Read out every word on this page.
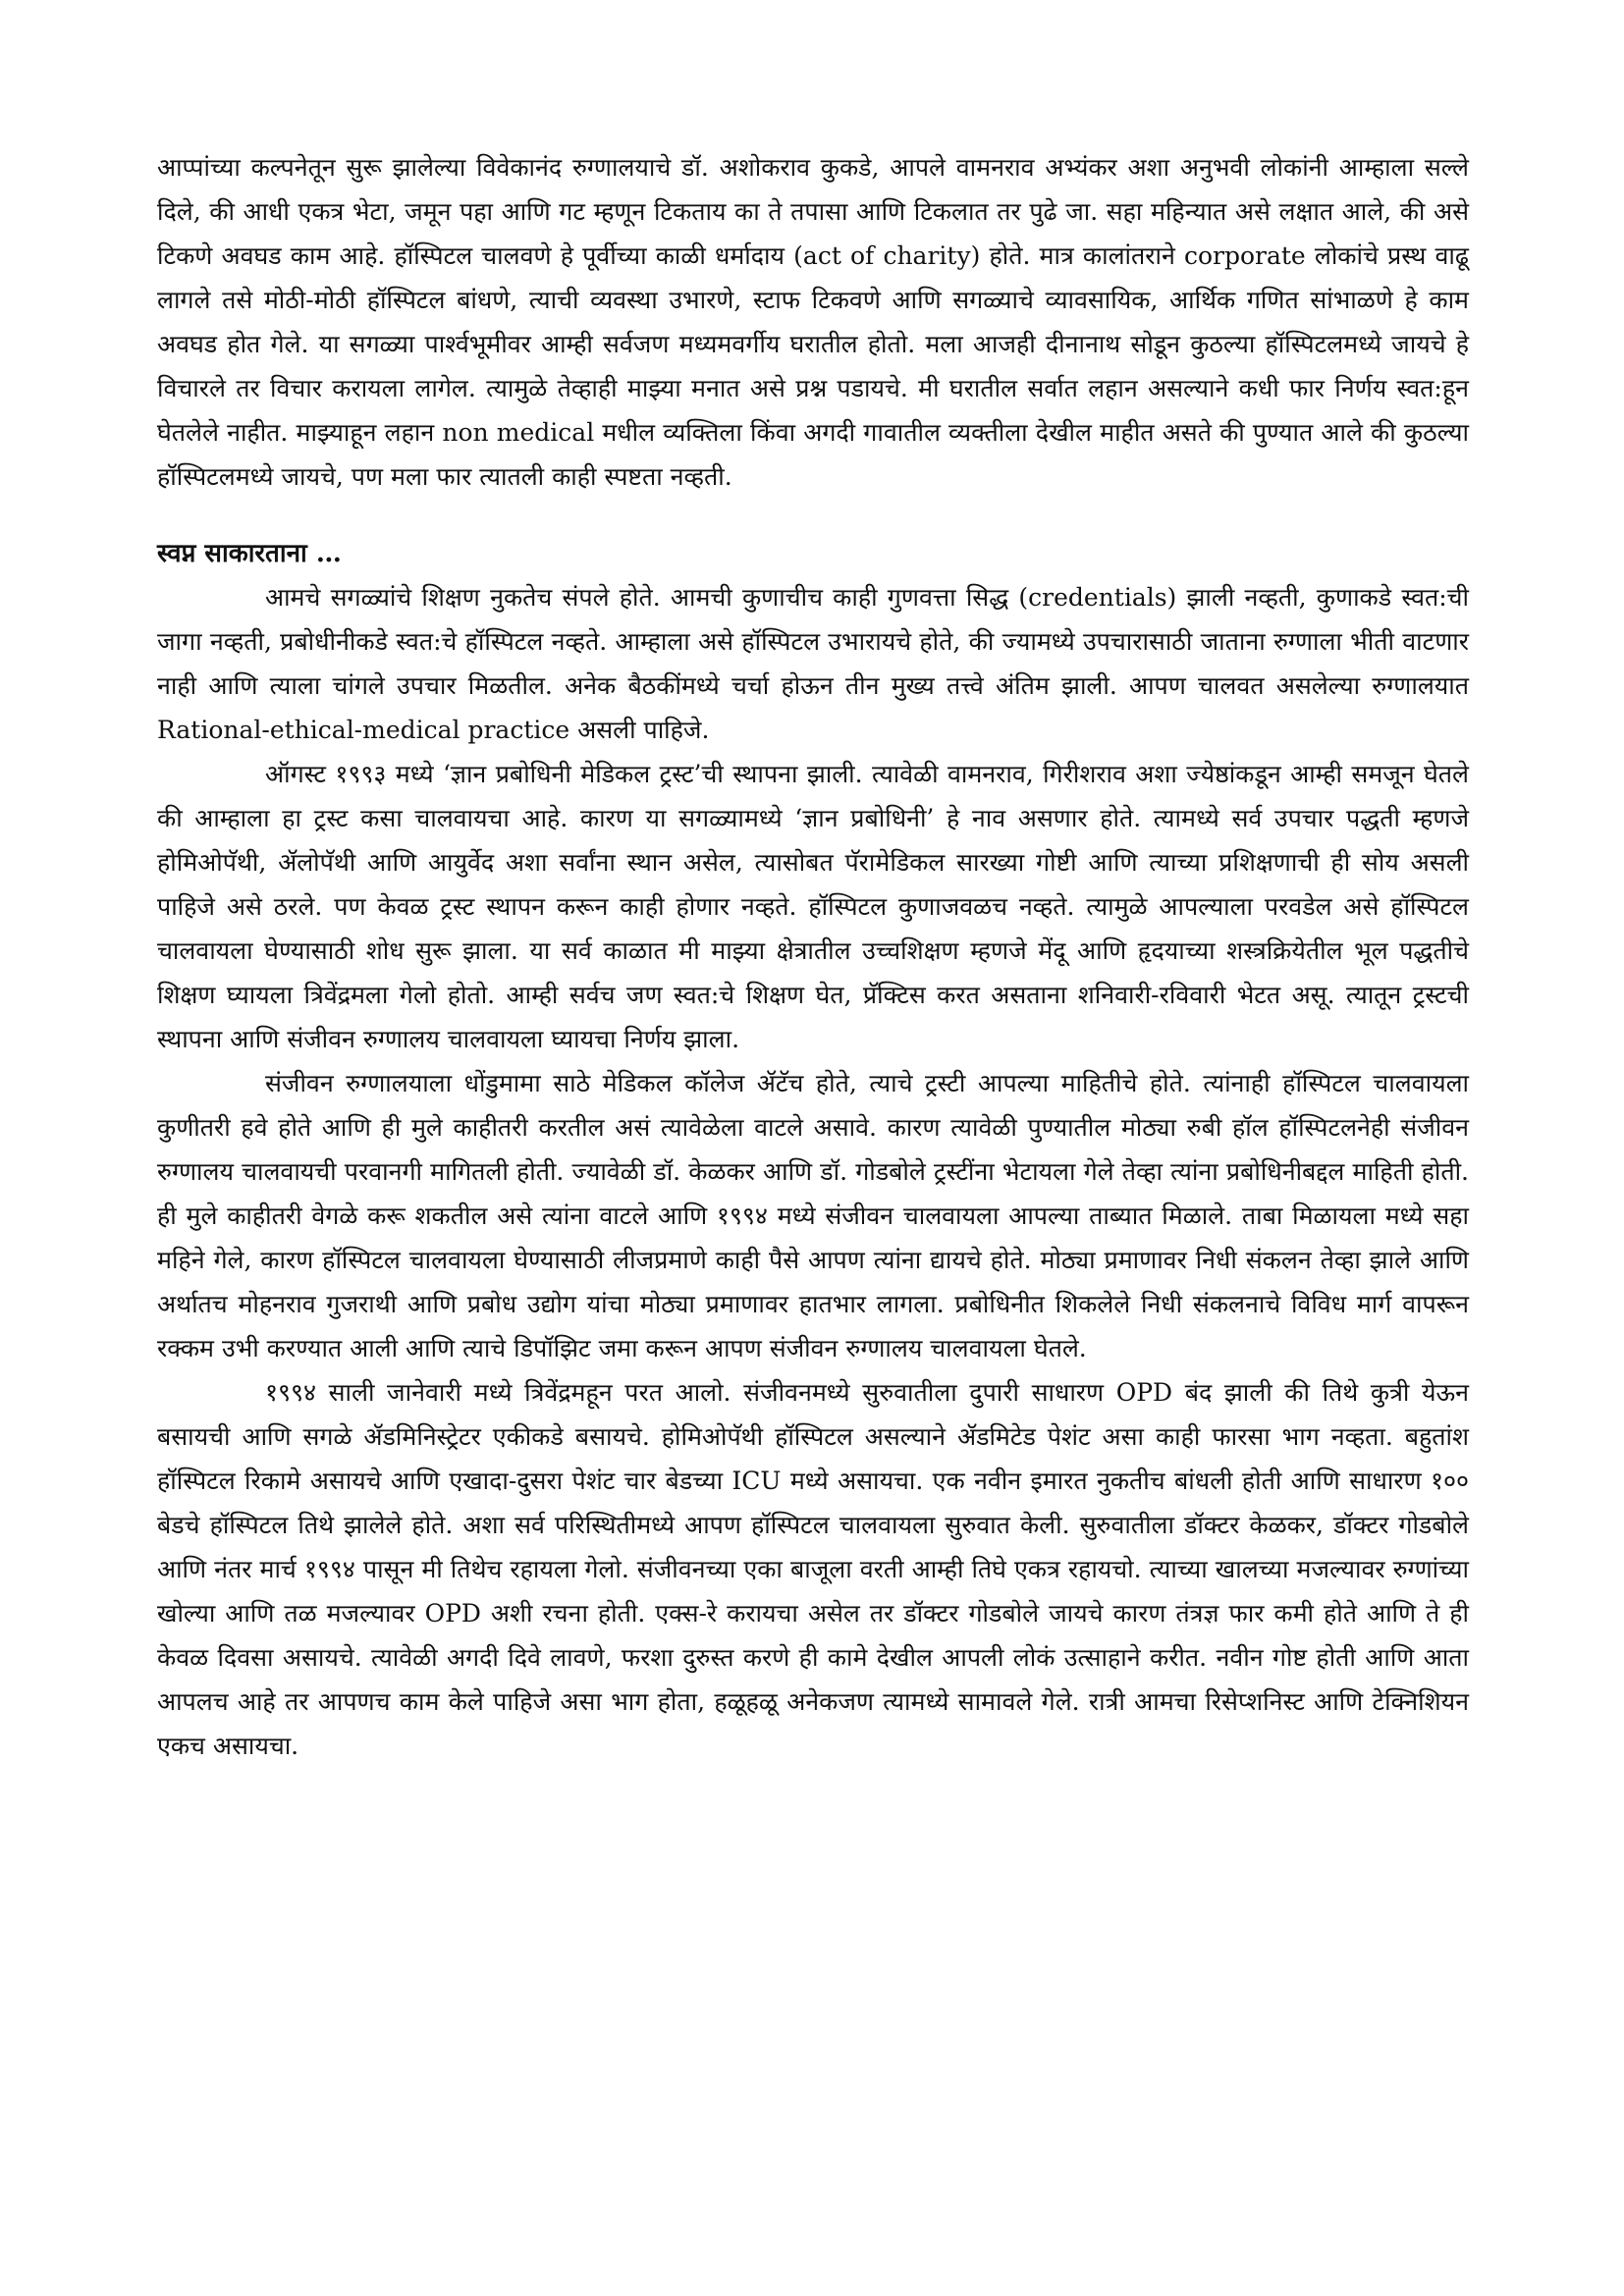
आप्पांच्या कल्पनेतून सुरू झालेल्या विवेकानंद रुग्णालयाचे डॉ. अशोकराव कुकडे, आपले वामनराव अभ्यंकर अशा अनुभवी लोकांनी आम्हाला सल्ले दिले, की आधी एकत्र भेटा, जमून पहा आणि गट म्हणून टिकताय का ते तपासा आणि टिकलात तर पुढे जा. सहा महिन्यात असे लक्षात आले, की असे टिकणे अवघड काम आहे. हॉस्पिटल चालवणे हे पूर्वीच्या काळी धर्मादाय (act of charity) होते. मात्र कालांतराने corporate लोकांचे प्रस्थ वाढू लागले तसे मोठी-मोठी हॉस्पिटल बांधणे, त्याची व्यवस्था उभारणे, स्टाफ टिकवणे आणि सगळ्याचे व्यावसायिक, आर्थिक गणित सांभाळणे हे काम अवघड होत गेले. या सगळ्या पार्श्वभूमीवर आम्ही सर्वजण मध्यमवर्गीय घरातील होतो. मला आजही दीनानाथ सोडून कुठल्या हॉस्पिटलमध्ये जायचे हे विचारले तर विचार करायला लागेल. त्यामुळे तेव्हाही माझ्या मनात असे प्रश्न पडायचे. मी घरातील सर्वात लहान असल्याने कधी फार निर्णय स्वत:हून घेतलेले नाहीत. माझ्याहून लहान non medical मधील व्यक्तिला किंवा अगदी गावातील व्यक्तीला देखील माहीत असते की पुण्यात आले की कुठल्या हॉस्पिटलमध्ये जायचे, पण मला फार त्यातली काही स्पष्टता नव्हती.

स्वप्न साकारताना …

आमचे सगळ्यांचे शिक्षण नुकतेच संपले होते. आमची कुणाचीच काही गुणवत्ता सिद्ध (credentials) झाली नव्हती, कुणाकडे स्वत:ची जागा नव्हती, प्रबोधीनीकडे स्वत:चे हॉस्पिटल नव्हते. आम्हाला असे हॉस्पिटल उभारायचे होते, की ज्यामध्ये उपचारासाठी जाताना रुग्णाला भीती वाटणार नाही आणि त्याला चांगले उपचार मिळतील. अनेक बैठकींमध्ये चर्चा होऊन तीन मुख्य तत्त्वे अंतिम झाली. आपण चालवत असलेल्या रुग्णालयात Rational-ethical-medical practice असली पाहिजे.

ऑगस्ट १९९३ मध्ये ‘ज्ञान प्रबोधिनी मेडिकल ट्रस्ट’ची स्थापना झाली. त्यावेळी वामनराव, गिरीशराव अशा ज्येष्ठांकडून आम्ही समजून घेतले की आम्हाला हा ट्रस्ट कसा चालवायचा आहे. कारण या सगळ्यामध्ये ‘ज्ञान प्रबोधिनी’ हे नाव असणार होते. त्यामध्ये सर्व उपचार पद्धती म्हणजे होमिओपॅथी, ॲलोपॅथी आणि आयुर्वेद अशा सर्वांना स्थान असेल, त्यासोबत पॅरामेडिकल सारख्या गोष्टी आणि त्याच्या प्रशिक्षणाची ही सोय असली पाहिजे असे ठरले. पण केवळ ट्रस्ट स्थापन करून काही होणार नव्हते. हॉस्पिटल कुणाजवळच नव्हते. त्यामुळे आपल्याला परवडेल असे हॉस्पिटल चालवायला घेण्यासाठी शोध सुरू झाला. या सर्व काळात मी माझ्या क्षेत्रातील उच्चशिक्षण म्हणजे मेंदू आणि हृदयाच्या शस्त्रक्रियेतील भूल पद्धतीचे शिक्षण घ्यायला त्रिवेंद्रमला गेलो होतो. आम्ही सर्वच जण स्वत:चे शिक्षण घेत, प्रॅक्टिस करत असताना शनिवारी-रविवारी भेटत असू. त्यातून ट्रस्टची स्थापना आणि संजीवन रुग्णालय चालवायला घ्यायचा निर्णय झाला.

संजीवन रुग्णालयाला धोंडुमामा साठे मेडिकल कॉलेज ॲटॅच होते, त्याचे ट्रस्टी आपल्या माहितीचे होते. त्यांनाही हॉस्पिटल चालवायला कुणीतरी हवे होते आणि ही मुले काहीतरी करतील असं त्यावेळेला वाटले असावे. कारण त्यावेळी पुण्यातील मोठ्या रुबी हॉल हॉस्पिटलनेही संजीवन रुग्णालय चालवायची परवानगी मागितली होती. ज्यावेळी डॉ. केळकर आणि डॉ. गोडबोले ट्रस्टींना भेटायला गेले तेव्हा त्यांना प्रबोधिनीबद्दल माहिती होती. ही मुले काहीतरी वेगळे करू शकतील असे त्यांना वाटले आणि १९९४ मध्ये संजीवन चालवायला आपल्या ताब्यात मिळाले. ताबा मिळायला मध्ये सहा महिने गेले, कारण हॉस्पिटल चालवायला घेण्यासाठी लीजप्रमाणे काही पैसे आपण त्यांना द्यायचे होते. मोठ्या प्रमाणावर निधी संकलन तेव्हा झाले आणि अर्थातच मोहनराव गुजराथी आणि प्रबोध उद्योग यांचा मोठ्या प्रमाणावर हातभार लागला. प्रबोधिनीत शिकलेले निधी संकलनाचे विविध मार्ग वापरून रक्कम उभी करण्यात आली आणि त्याचे डिपॉझिट जमा करून आपण संजीवन रुग्णालय चालवायला घेतले.

१९९४ साली जानेवारी मध्ये त्रिवेंद्रमहून परत आलो. संजीवनमध्ये सुरुवातीला दुपारी साधारण OPD बंद झाली की तिथे कुत्री येऊन बसायची आणि सगळे ॲडमिनिस्ट्रेटर एकीकडे बसायचे. होमिओपॅथी हॉस्पिटल असल्याने ॲडमिटेड पेशंट असा काही फारसा भाग नव्हता. बहुतांश हॉस्पिटल रिकामे असायचे आणि एखादा-दुसरा पेशंट चार बेडच्या ICU मध्ये असायचा. एक नवीन इमारत नुकतीच बांधली होती आणि साधारण १०० बेडचे हॉस्पिटल तिथे झालेले होते. अशा सर्व परिस्थितीमध्ये आपण हॉस्पिटल चालवायला सुरुवात केली. सुरुवातीला डॉक्टर केळकर, डॉक्टर गोडबोले आणि नंतर मार्च १९९४ पासून मी तिथेच रहायला गेलो. संजीवनच्या एका बाजूला वरती आम्ही तिघे एकत्र रहायचो. त्याच्या खालच्या मजल्यावर रुग्णांच्या खोल्या आणि तळ मजल्यावर OPD अशी रचना होती. एक्स-रे करायचा असेल तर डॉक्टर गोडबोले जायचे कारण तंत्रज्ञ फार कमी होते आणि ते ही केवळ दिवसा असायचे. त्यावेळी अगदी दिवे लावणे, फरशा दुरुस्त करणे ही कामे देखील आपली लोकं उत्साहाने करीत. नवीन गोष्ट होती आणि आता आपलच आहे तर आपणच काम केले पाहिजे असा भाग होता, हळूहळू अनेकजण त्यामध्ये सामावले गेले. रात्री आमचा रिसेप्शनिस्ट आणि टेक्निशियन एकच असायचा.
